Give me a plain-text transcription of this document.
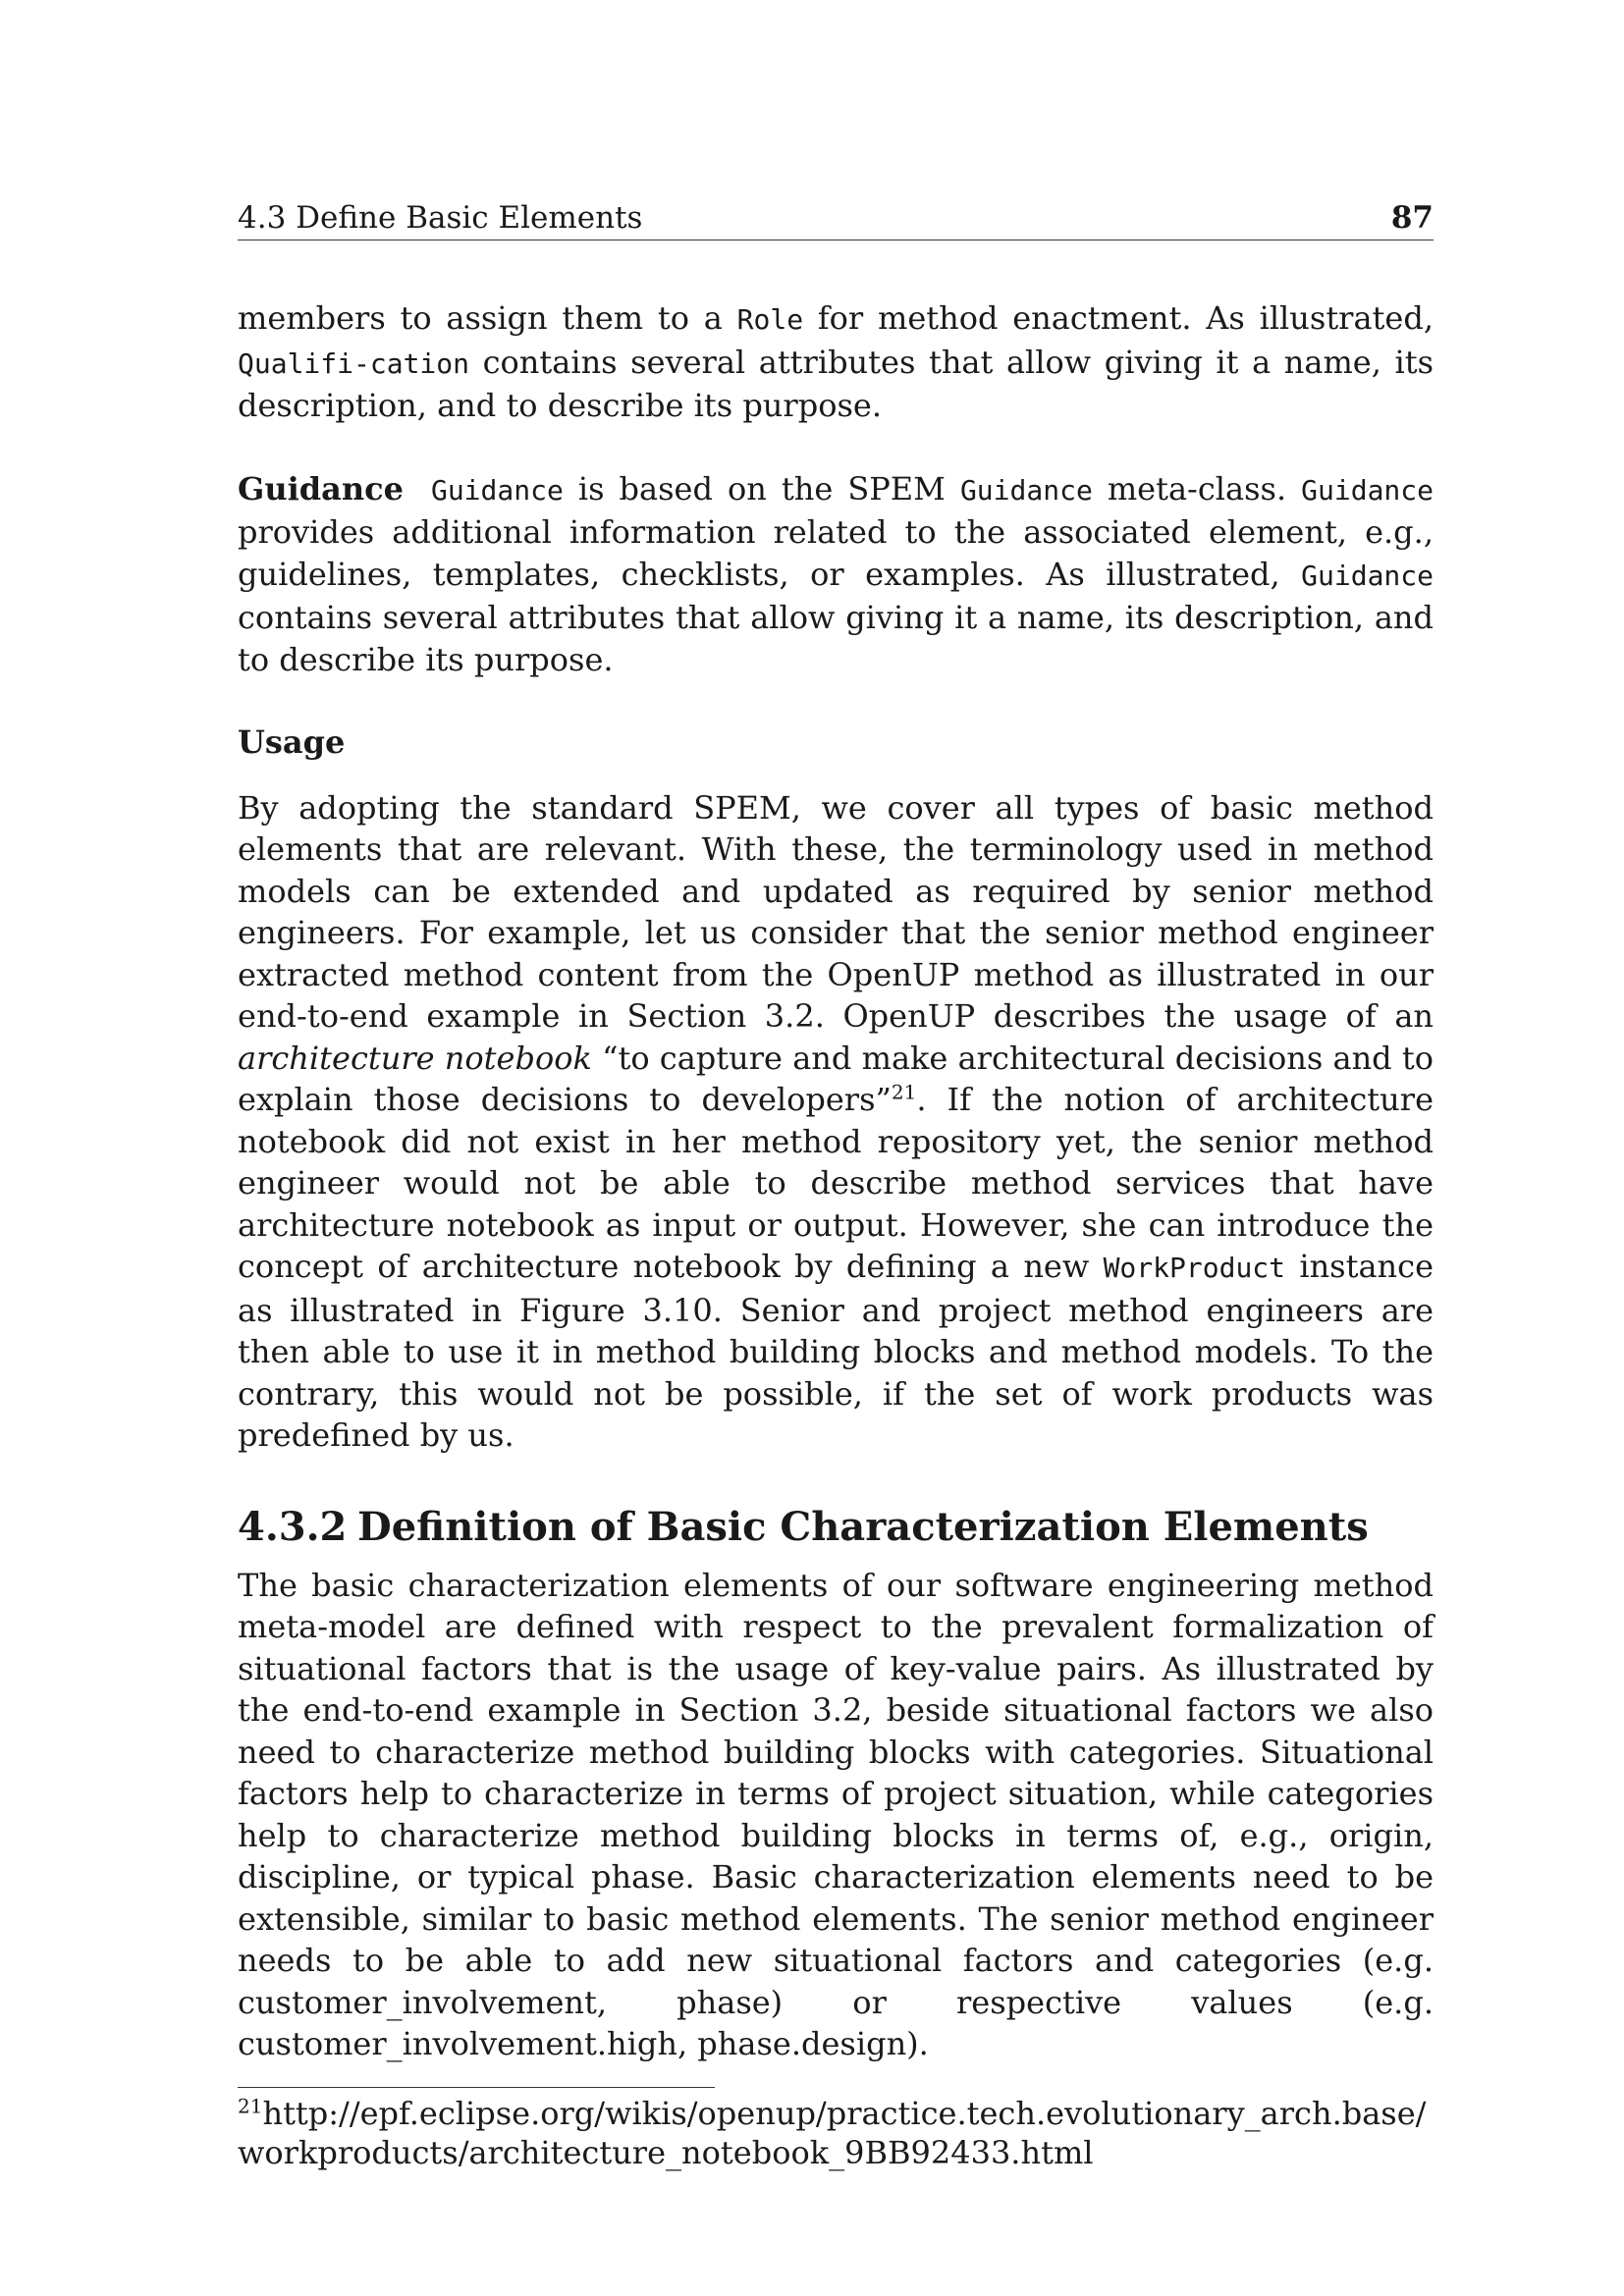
4.3 Define Basic Elements	87

members to assign them to a Role for method enactment. As illustrated, Qualifi-cation contains several attributes that allow giving it a name, its description, and to describe its purpose.

Guidance Guidance is based on the SPEM Guidance meta-class. Guidance provides additional information related to the associated element, e.g., guidelines, templates, checklists, or examples. As illustrated, Guidance contains several attributes that allow giving it a name, its description, and to describe its purpose.

Usage

By adopting the standard SPEM, we cover all types of basic method elements that are relevant. With these, the terminology used in method models can be extended and updated as required by senior method engineers. For example, let us consider that the senior method engineer extracted method content from the OpenUP method as illustrated in our end-to-end example in Section 3.2. OpenUP describes the usage of an architecture notebook “to capture and make architectural decisions and to explain those decisions to developers”$^{21}$. If the notion of architecture notebook did not exist in her method repository yet, the senior method engineer would not be able to describe method services that have architecture notebook as input or output. However, she can introduce the concept of architecture notebook by defining a new WorkProduct instance as illustrated in Figure 3.10. Senior and project method engineers are then able to use it in method building blocks and method models. To the contrary, this would not be possible, if the set of work products was predefined by us.

4.3.2 Definition of Basic Characterization Elements

The basic characterization elements of our software engineering method meta-model are defined with respect to the prevalent formalization of situational factors that is the usage of key-value pairs. As illustrated by the end-to-end example in Section 3.2, beside situational factors we also need to characterize method building blocks with categories. Situational factors help to characterize in terms of project situation, while categories help to characterize method building blocks in terms of, e.g., origin, discipline, or typical phase. Basic characterization elements need to be extensible, similar to basic method elements. The senior method engineer needs to be able to add new situational factors and categories (e.g. customer_involvement, phase) or respective values (e.g. customer_involvement.high, phase.design).

$^{21}$http://epf.eclipse.org/wikis/openup/practice.tech.evolutionary_arch.base/workproducts/architecture_notebook_9BB92433.html
